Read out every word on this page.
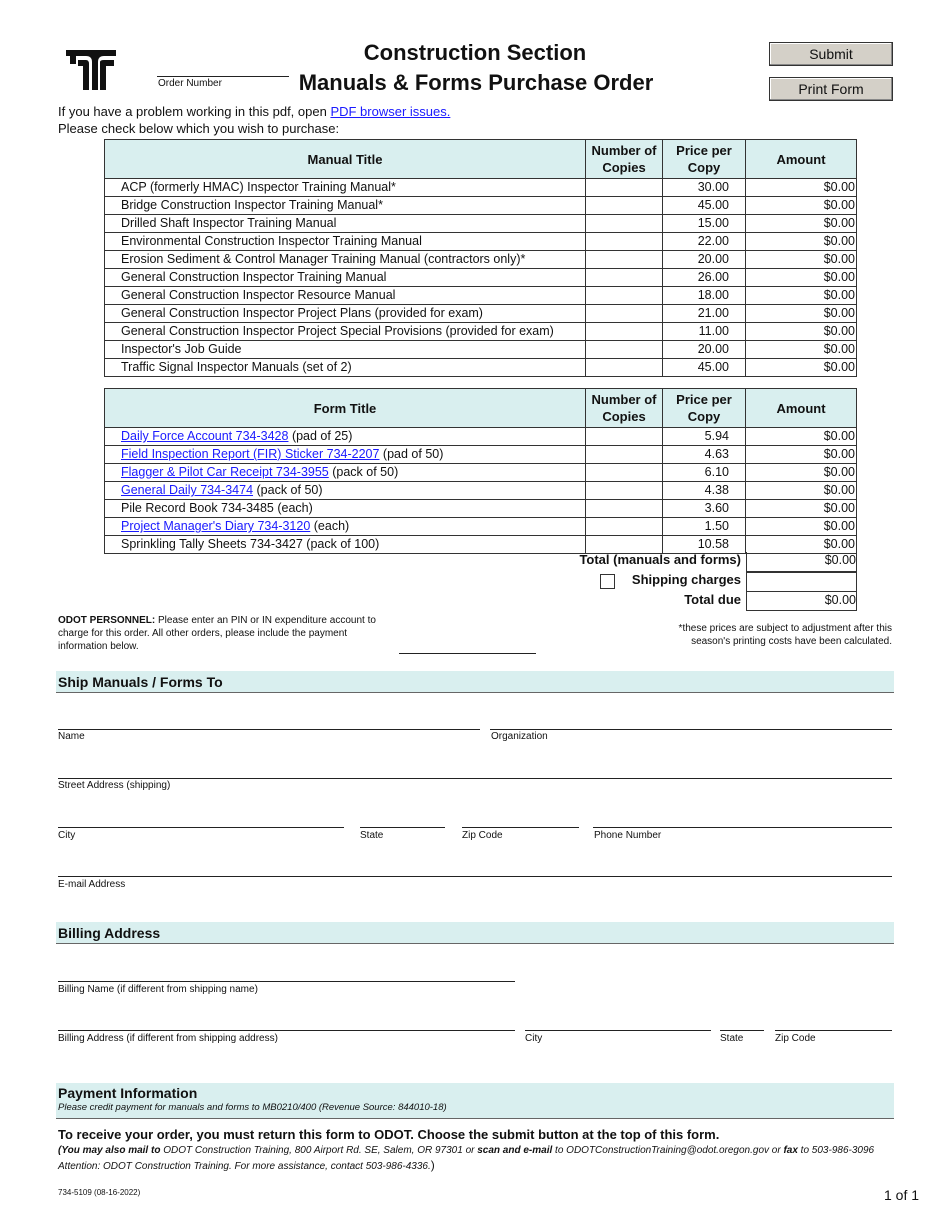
Construction Section
Manuals & Forms Purchase Order
Order Number
Submit
Print Form
If you have a problem working in this pdf, open PDF browser issues.
Please check below which you wish to purchase:
Manual Title	Number of Copies	Price per Copy	Amount
ACP (formerly HMAC) Inspector Training Manual*		30.00	$0.00
Bridge Construction Inspector Training Manual*		45.00	$0.00
Drilled Shaft Inspector Training Manual		15.00	$0.00
Environmental Construction Inspector Training Manual		22.00	$0.00
Erosion Sediment & Control Manager Training Manual (contractors only)*		20.00	$0.00
General Construction Inspector Training Manual		26.00	$0.00
General Construction Inspector Resource Manual		18.00	$0.00
General Construction Inspector Project Plans (provided for exam)		21.00	$0.00
General Construction Inspector Project Special Provisions (provided for exam)		11.00	$0.00
Inspector's Job Guide		20.00	$0.00
Traffic Signal Inspector Manuals (set of 2)		45.00	$0.00
Form Title	Number of Copies	Price per Copy	Amount
Daily Force Account 734-3428 (pad of 25)		5.94	$0.00
Field Inspection Report (FIR) Sticker 734-2207 (pad of 50)		4.63	$0.00
Flagger & Pilot Car Receipt 734-3955 (pack of 50)		6.10	$0.00
General Daily 734-3474 (pack of 50)		4.38	$0.00
Pile Record Book 734-3485 (each)		3.60	$0.00
Project Manager's Diary 734-3120 (each)		1.50	$0.00
Sprinkling Tally Sheets 734-3427 (pack of 100)		10.58	$0.00
Total (manuals and forms)	$0.00
Shipping charges
Total due	$0.00
ODOT PERSONNEL: Please enter an PIN or IN expenditure account to charge for this order. All other orders, please include the payment information below.
*these prices are subject to adjustment after this season's printing costs have been calculated.
Ship Manuals / Forms To
Name	Organization
Street Address (shipping)
City	State	Zip Code	Phone Number
E-mail Address
Billing Address
Billing Name (if different from shipping name)
Billing Address (if different from shipping address)	City	State	Zip Code
Payment Information
Please credit payment for manuals and forms to MB0210/400 (Revenue Source: 844010-18)
To receive your order, you must return this form to ODOT. Choose the submit button at the top of this form.
(You may also mail to ODOT Construction Training, 800 Airport Rd. SE, Salem, OR 97301 or scan and e-mail to ODOTConstructionTraining@odot.oregon.gov or fax to 503-986-3096 Attention: ODOT Construction Training. For more assistance, contact 503-986-4336.)
734-5109 (08-16-2022)	1 of 1
